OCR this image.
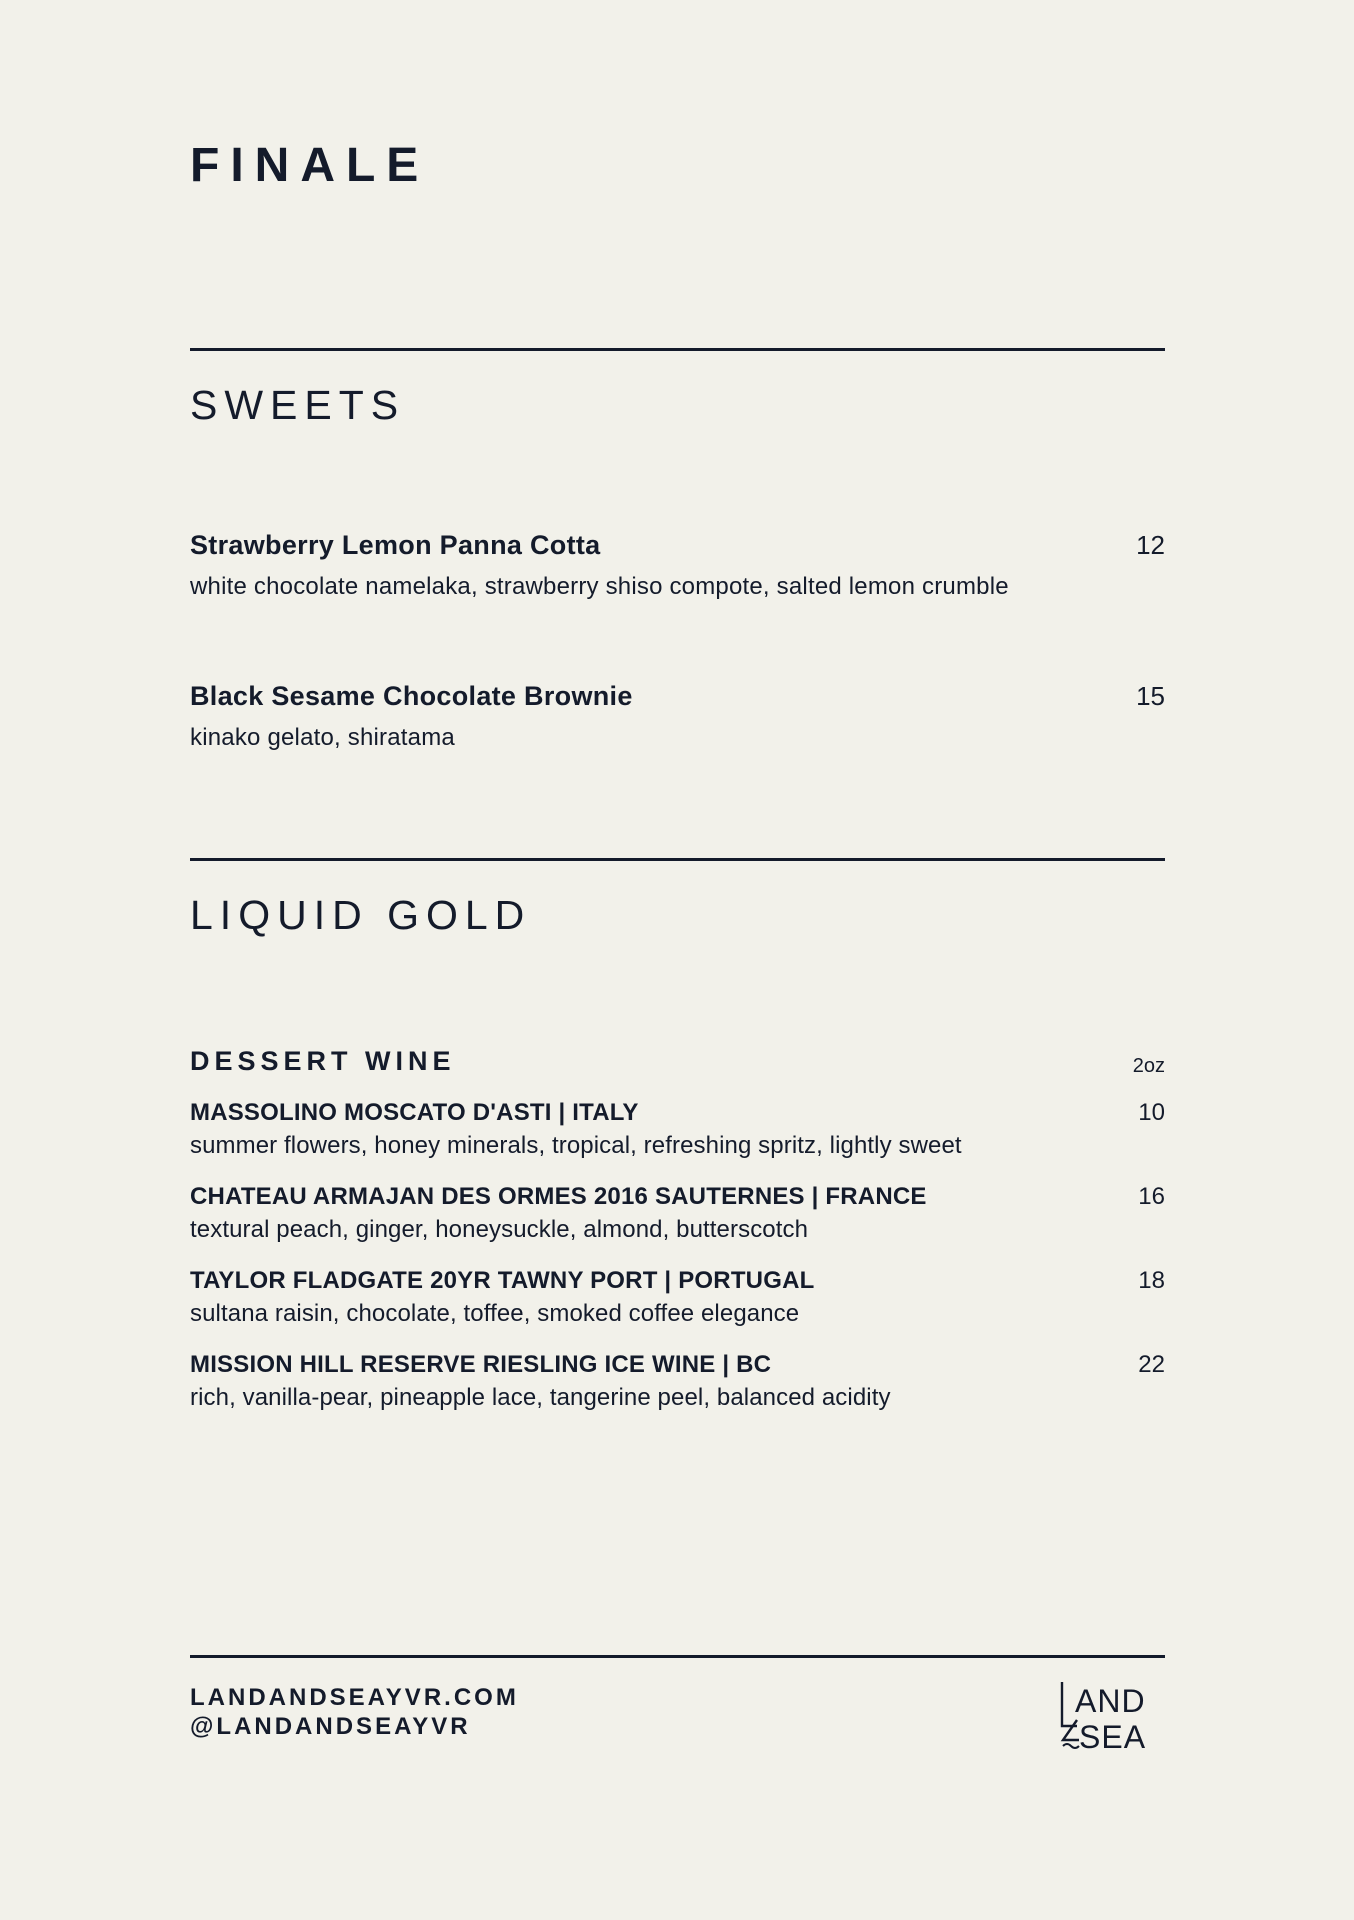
FINALE
SWEETS
Strawberry Lemon Panna Cotta	12
white chocolate namelaka, strawberry shiso compote, salted lemon crumble
Black Sesame Chocolate Brownie	15
kinako gelato, shiratama
LIQUID GOLD
DESSERT WINE	2oz
MASSOLINO MOSCATO D'ASTI | ITALY	10
summer flowers, honey minerals, tropical, refreshing spritz, lightly sweet
CHATEAU ARMAJAN DES ORMES 2016 SAUTERNES | FRANCE	16
textural peach, ginger, honeysuckle, almond, butterscotch
TAYLOR FLADGATE 20YR TAWNY PORT | PORTUGAL	18
sultana raisin, chocolate, toffee, smoked coffee elegance
MISSION HILL RESERVE RIESLING ICE WINE | BC	22
rich, vanilla-pear, pineapple lace, tangerine peel, balanced acidity
LANDANDSEAYVR.COM
@LANDANDSEAYVR
AND
SEA
